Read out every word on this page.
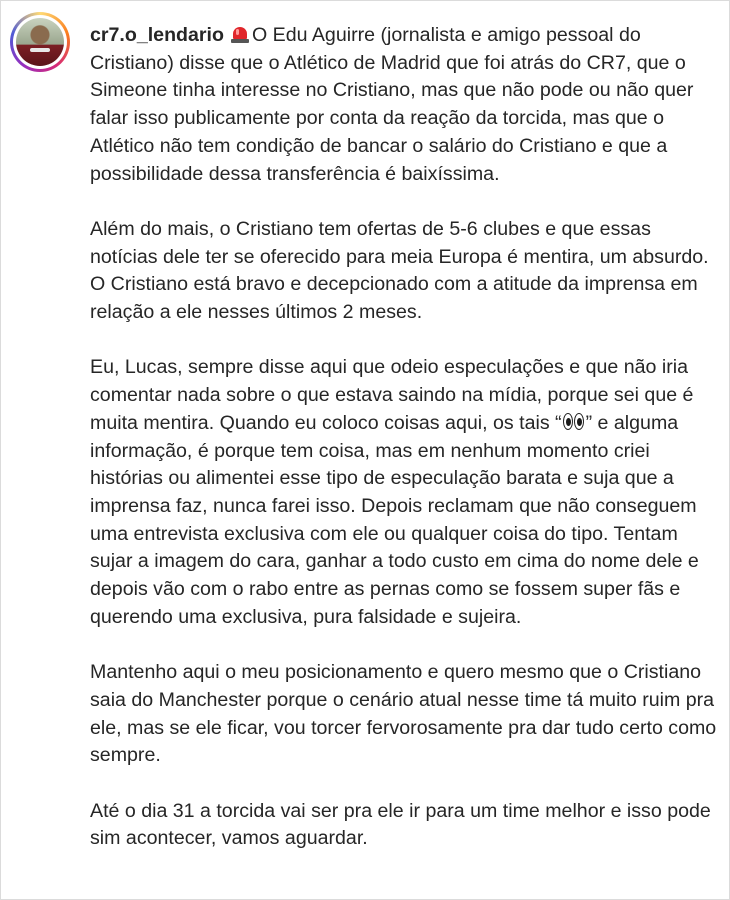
cr7.o_lendario O Edu Aguirre (jornalista e amigo pessoal do Cristiano) disse que o Atlético de Madrid que foi atrás do CR7, que o Simeone tinha interesse no Cristiano, mas que não pode ou não quer falar isso publicamente por conta da reação da torcida, mas que o Atlético não tem condição de bancar o salário do Cristiano e que a possibilidade dessa transferência é baixíssima.

Além do mais, o Cristiano tem ofertas de 5-6 clubes e que essas notícias dele ter se oferecido para meia Europa é mentira, um absurdo. O Cristiano está bravo e decepcionado com a atitude da imprensa em relação a ele nesses últimos 2 meses.

Eu, Lucas, sempre disse aqui que odeio especulações e que não iria comentar nada sobre o que estava saindo na mídia, porque sei que é muita mentira. Quando eu coloco coisas aqui, os tais “ ” e alguma informação, é porque tem coisa, mas em nenhum momento criei histórias ou alimentei esse tipo de especulação barata e suja que a imprensa faz, nunca farei isso. Depois reclamam que não conseguem uma entrevista exclusiva com ele ou qualquer coisa do tipo. Tentam sujar a imagem do cara, ganhar a todo custo em cima do nome dele e depois vão com o rabo entre as pernas como se fossem super fãs e querendo uma exclusiva, pura falsidade e sujeira.

Mantenho aqui o meu posicionamento e quero mesmo que o Cristiano saia do Manchester porque o cenário atual nesse time tá muito ruim pra ele, mas se ele ficar, vou torcer fervorosamente pra dar tudo certo como sempre.

Até o dia 31 a torcida vai ser pra ele ir para um time melhor e isso pode sim acontecer, vamos aguardar.
